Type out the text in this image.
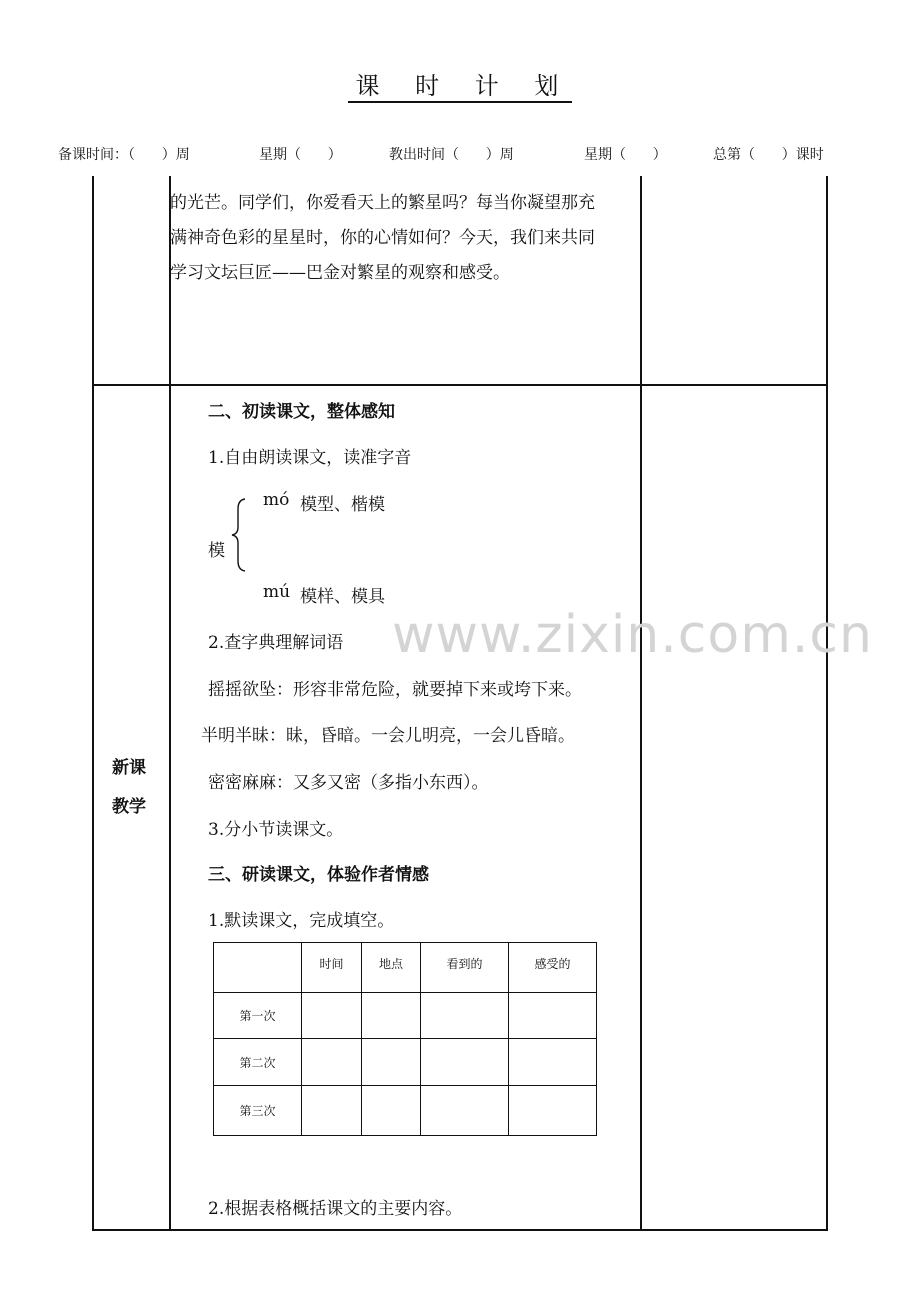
课 时 计 划
备课时间：（      ）周	星期（      ）	教出时间（      ）周	星期（      ）	总第（      ）课时
的光芒。同学们，你爱看天上的繁星吗？每当你凝望那充
满神奇色彩的星星时，你的心情如何？今天，我们来共同
学习文坛巨匠——巴金对繁星的观察和感受。
新课
教学
二、初读课文，整体感知
1.自由朗读课文，读准字音
mó 模型、楷模
模
mú 模样、模具
2.查字典理解词语
摇摇欲坠：形容非常危险，就要掉下来或垮下来。
半明半昧：昧，昏暗。一会儿明亮，一会儿昏暗。
密密麻麻：又多又密（多指小东西）。
3.分小节读课文。
三、研读课文，体验作者情感
1.默读课文，完成填空。
	时间	地点	看到的	感受的
第一次				
第二次				
第三次				
2.根据表格概括课文的主要内容。
www.zixin.com.cn
